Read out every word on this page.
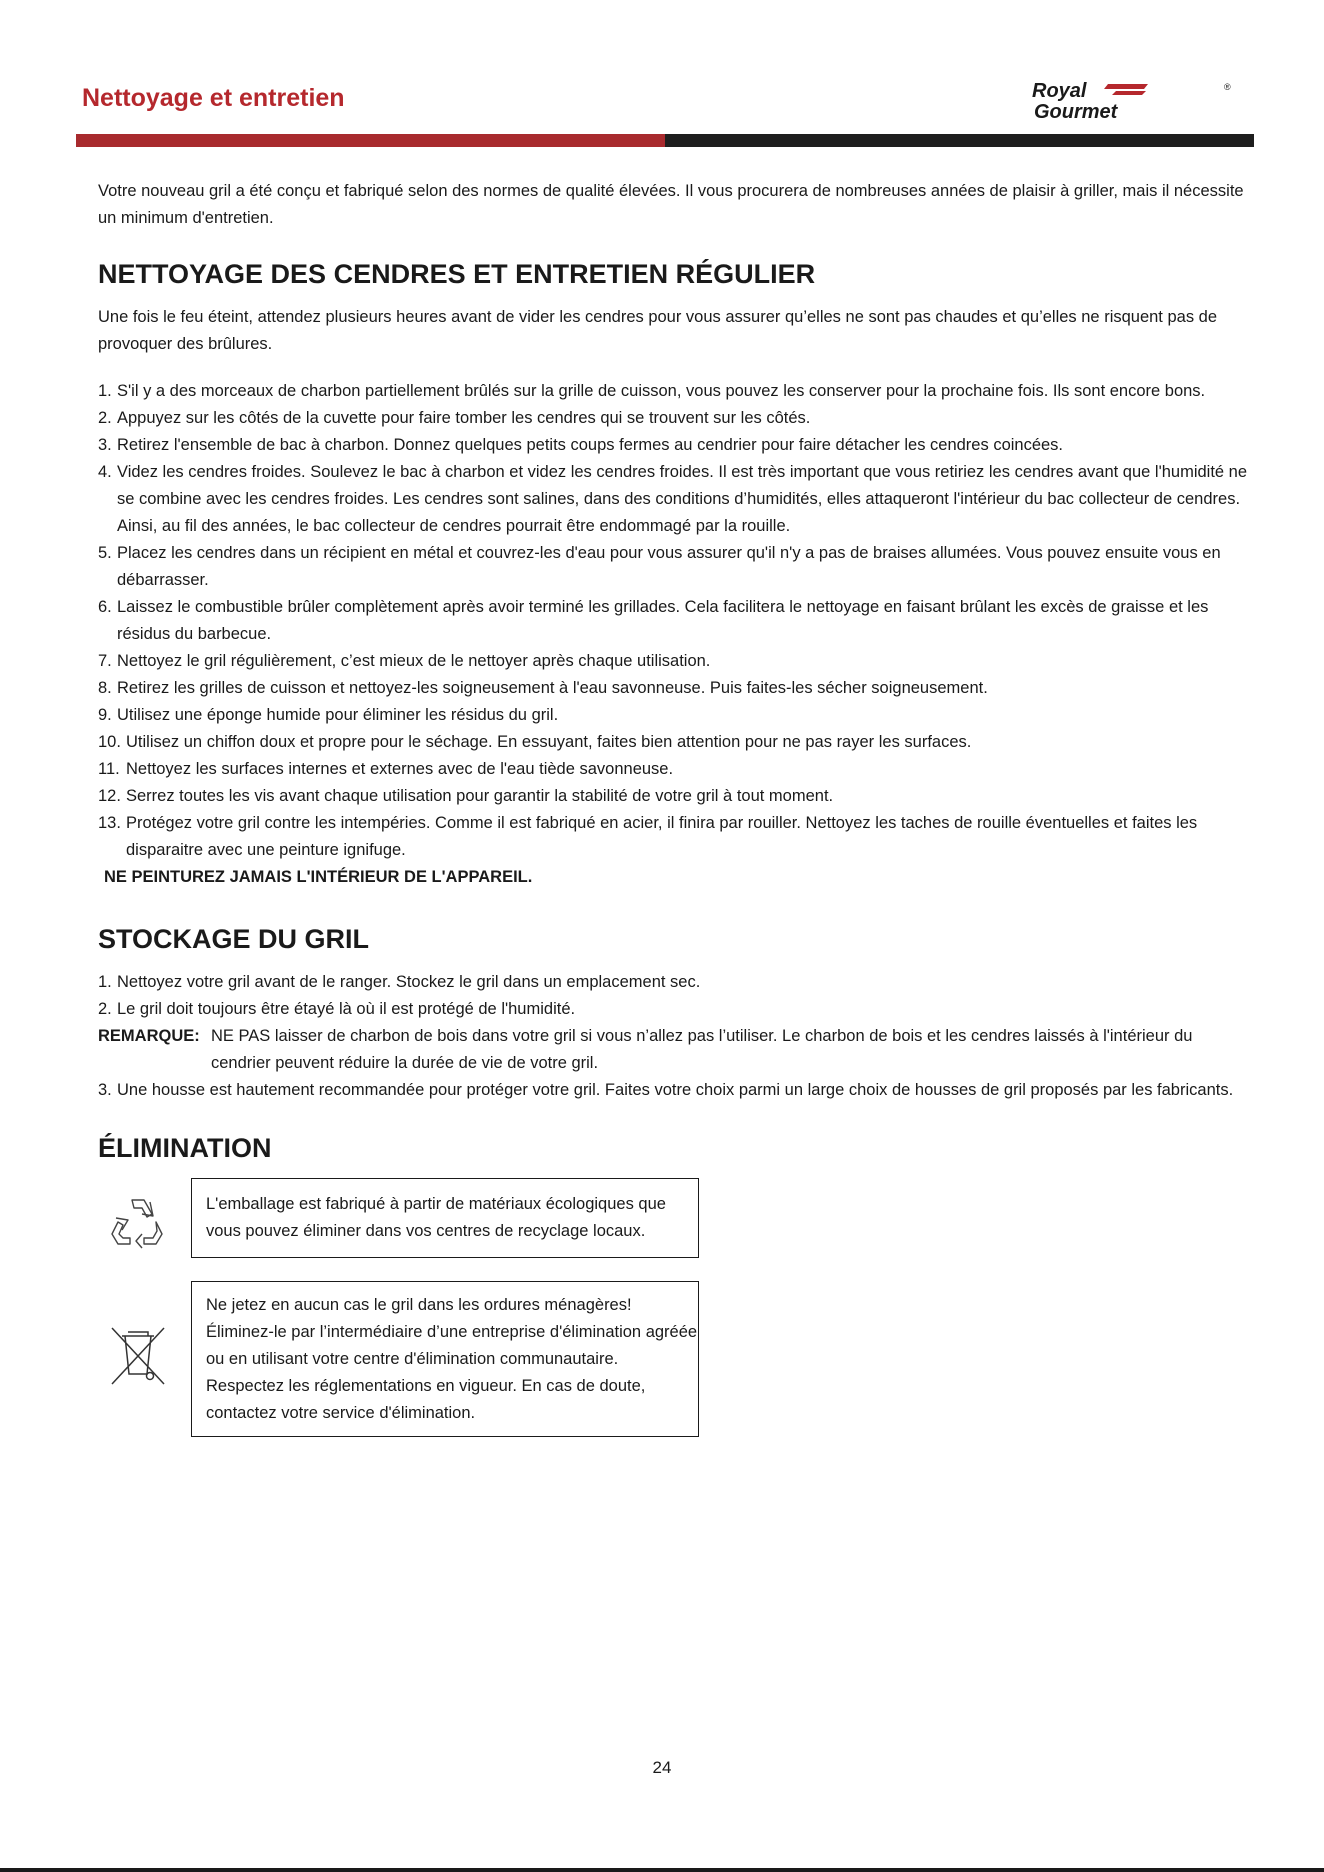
Nettoyage et entretien	Royal
Gourmet
®

Votre nouveau gril a été conçu et fabriqué selon des normes de qualité élevées. Il vous procurera de nombreuses années de plaisir à griller, mais il nécessite un minimum d'entretien.

NETTOYAGE DES CENDRES ET ENTRETIEN RÉGULIER

Une fois le feu éteint, attendez plusieurs heures avant de vider les cendres pour vous assurer qu’elles ne sont pas chaudes et qu’elles ne risquent pas de provoquer des brûlures.

1. S'il y a des morceaux de charbon partiellement brûlés sur la grille de cuisson, vous pouvez les conserver pour la prochaine fois. Ils sont encore bons.
2. Appuyez sur les côtés de la cuvette pour faire tomber les cendres qui se trouvent sur les côtés.
3. Retirez l'ensemble de bac à charbon. Donnez quelques petits coups fermes au cendrier pour faire détacher les cendres coincées.
4. Videz les cendres froides. Soulevez le bac à charbon et videz les cendres froides. Il est très important que vous retiriez les cendres avant que l'humidité ne se combine avec les cendres froides. Les cendres sont salines, dans des conditions d’humidités, elles attaqueront l'intérieur du bac collecteur de cendres. Ainsi, au fil des années, le bac collecteur de cendres pourrait être endommagé par la rouille.
5. Placez les cendres dans un récipient en métal et couvrez-les d'eau pour vous assurer qu'il n'y a pas de braises allumées. Vous pouvez ensuite vous en débarrasser.
6. Laissez le combustible brûler complètement après avoir terminé les grillades. Cela facilitera le nettoyage en faisant brûlant les excès de graisse et les résidus du barbecue.
7. Nettoyez le gril régulièrement, c’est mieux de le nettoyer après chaque utilisation.
8. Retirez les grilles de cuisson et nettoyez-les soigneusement à l'eau savonneuse. Puis faites-les sécher soigneusement.
9. Utilisez une éponge humide pour éliminer les résidus du gril.
10. Utilisez un chiffon doux et propre pour le séchage. En essuyant, faites bien attention pour ne pas rayer les surfaces.
11. Nettoyez les surfaces internes et externes avec de l'eau tiède savonneuse.
12. Serrez toutes les vis avant chaque utilisation pour garantir la stabilité de votre gril à tout moment.
13. Protégez votre gril contre les intempéries. Comme il est fabriqué en acier, il finira par rouiller. Nettoyez les taches de rouille éventuelles et faites les disparaitre avec une peinture ignifuge.

NE PEINTUREZ JAMAIS L'INTÉRIEUR DE L'APPAREIL.

STOCKAGE DU GRIL
1. Nettoyez votre gril avant de le ranger. Stockez le gril dans un emplacement sec.
2. Le gril doit toujours être étayé là où il est protégé de l'humidité.

REMARQUE: NE PAS laisser de charbon de bois dans votre gril si vous n’allez pas l’utiliser. Le charbon de bois et les cendres laissés à l'intérieur du cendrier peuvent réduire la durée de vie de votre gril.

3. Une housse est hautement recommandée pour protéger votre gril. Faites votre choix parmi un large choix de housses de gril proposés par les fabricants.
ÉLIMINATION
L'emballage est fabriqué à partir de matériaux écologiques que vous pouvez éliminer dans vos centres de recyclage locaux.
Ne jetez en aucun cas le gril dans les ordures ménagères! Éliminez-le par l’intermédiaire d’une entreprise d'élimination agréée ou en utilisant votre centre d'élimination communautaire. Respectez les réglementations en vigueur. En cas de doute, contactez votre service d'élimination.
24
